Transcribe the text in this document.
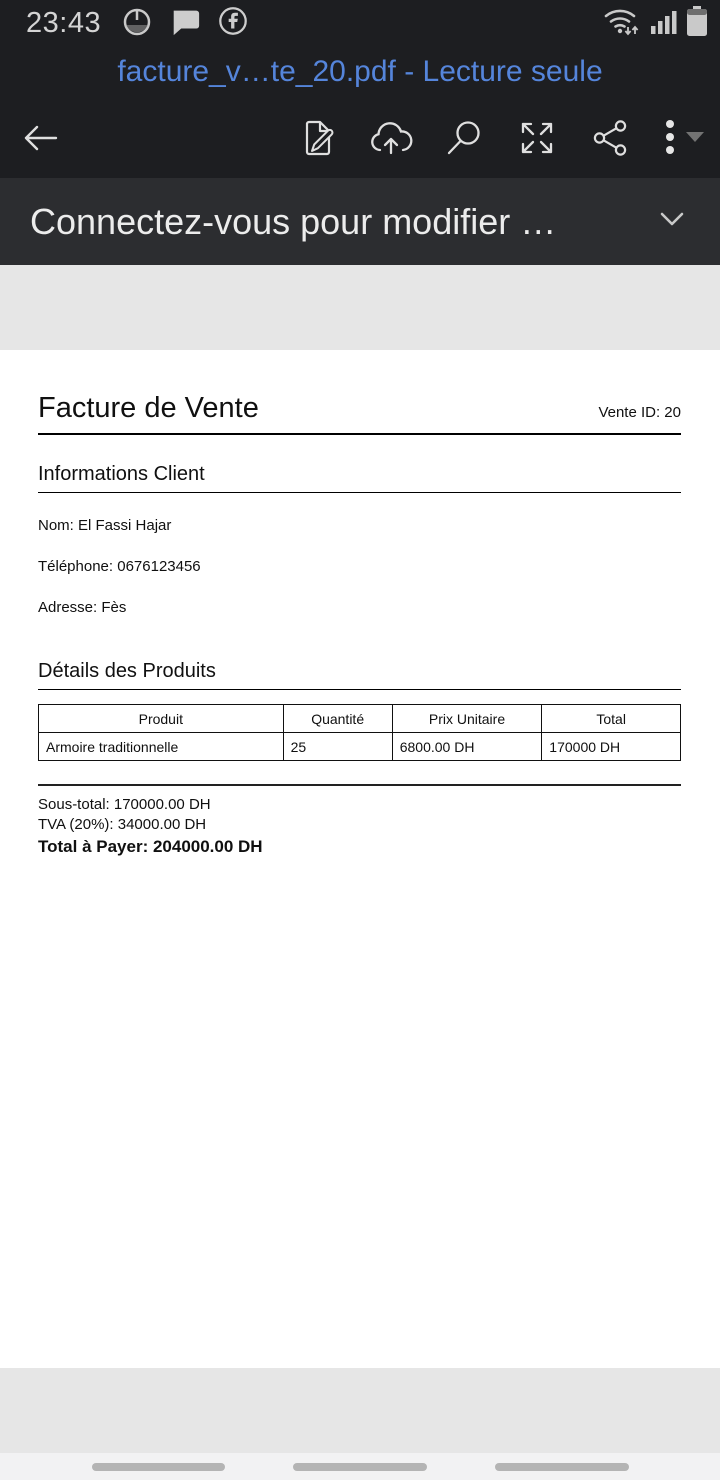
23:43
facture_v…te_20.pdf - Lecture seule
Connectez-vous pour modifier …
Facture de Vente	Vente ID: 20
Informations Client
Nom: El Fassi Hajar
Téléphone: 0676123456
Adresse: Fès
Détails des Produits
Produit	Quantité	Prix Unitaire	Total
Armoire traditionnelle	25	6800.00 DH	170000 DH
Sous-total: 170000.00 DH
TVA (20%): 34000.00 DH
Total à Payer: 204000.00 DH
